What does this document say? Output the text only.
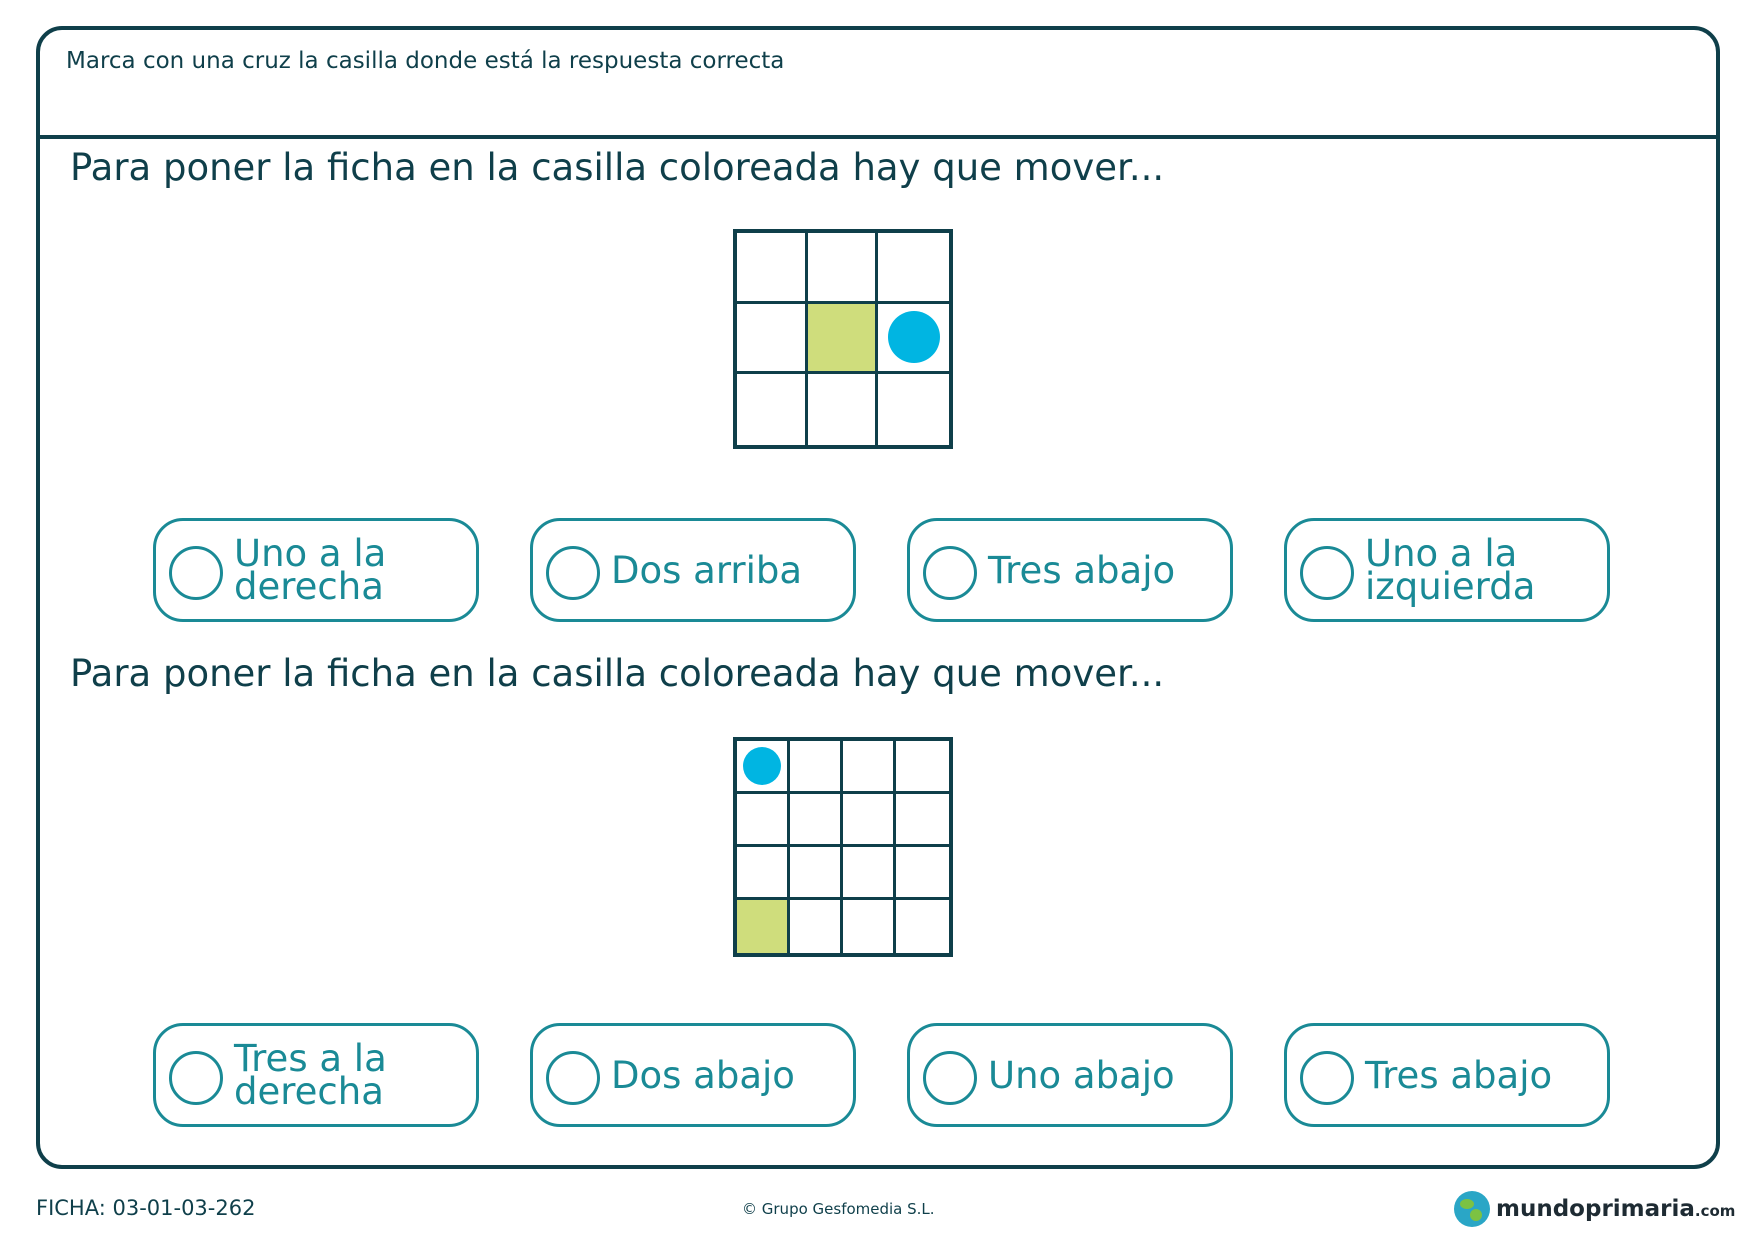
Marca con una cruz la casilla donde está la respuesta correcta
Para poner la ficha en la casilla coloreada hay que mover...
Uno a la derecha	Dos arriba	Tres abajo	Uno a la izquierda
Para poner la ficha en la casilla coloreada hay que mover...
Tres a la derecha	Dos abajo	Uno abajo	Tres abajo
FICHA: 03-01-03-262	© Grupo Gesfomedia S.L.	mundoprimaria.com
